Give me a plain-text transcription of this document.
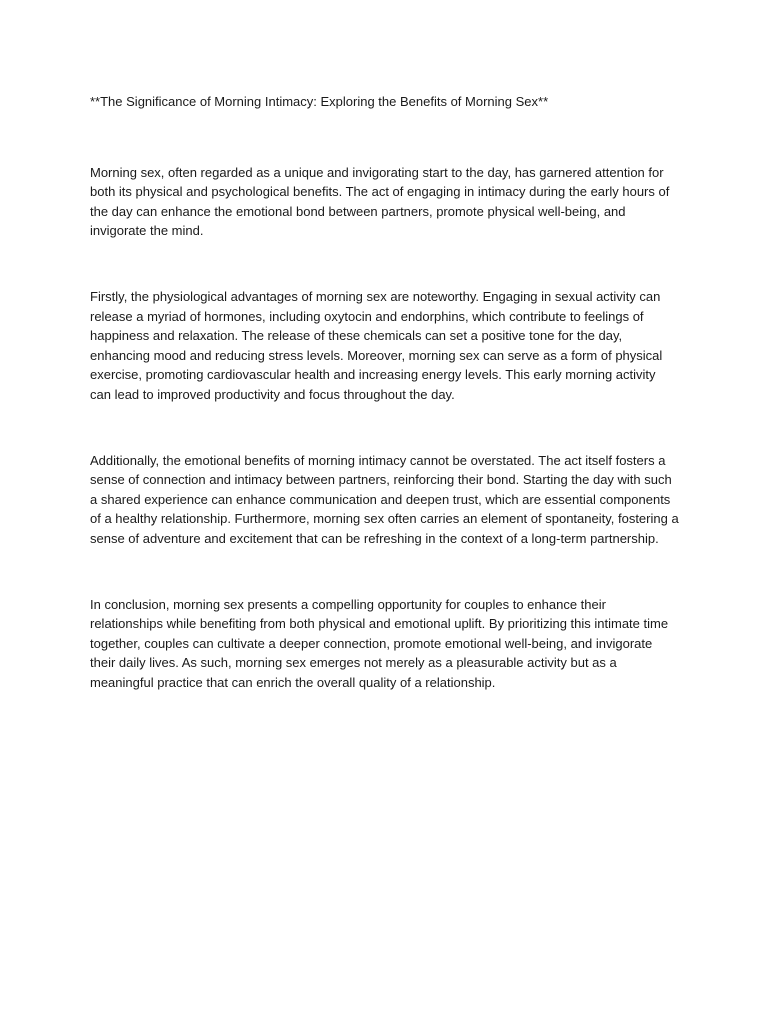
**The Significance of Morning Intimacy: Exploring the Benefits of Morning Sex**

Morning sex, often regarded as a unique and invigorating start to the day, has garnered attention for both its physical and psychological benefits. The act of engaging in intimacy during the early hours of the day can enhance the emotional bond between partners, promote physical well-being, and invigorate the mind.

Firstly, the physiological advantages of morning sex are noteworthy. Engaging in sexual activity can release a myriad of hormones, including oxytocin and endorphins, which contribute to feelings of happiness and relaxation. The release of these chemicals can set a positive tone for the day, enhancing mood and reducing stress levels. Moreover, morning sex can serve as a form of physical exercise, promoting cardiovascular health and increasing energy levels. This early morning activity can lead to improved productivity and focus throughout the day.

Additionally, the emotional benefits of morning intimacy cannot be overstated. The act itself fosters a sense of connection and intimacy between partners, reinforcing their bond. Starting the day with such a shared experience can enhance communication and deepen trust, which are essential components of a healthy relationship. Furthermore, morning sex often carries an element of spontaneity, fostering a sense of adventure and excitement that can be refreshing in the context of a long-term partnership.

In conclusion, morning sex presents a compelling opportunity for couples to enhance their relationships while benefiting from both physical and emotional uplift. By prioritizing this intimate time together, couples can cultivate a deeper connection, promote emotional well-being, and invigorate their daily lives. As such, morning sex emerges not merely as a pleasurable activity but as a meaningful practice that can enrich the overall quality of a relationship.
